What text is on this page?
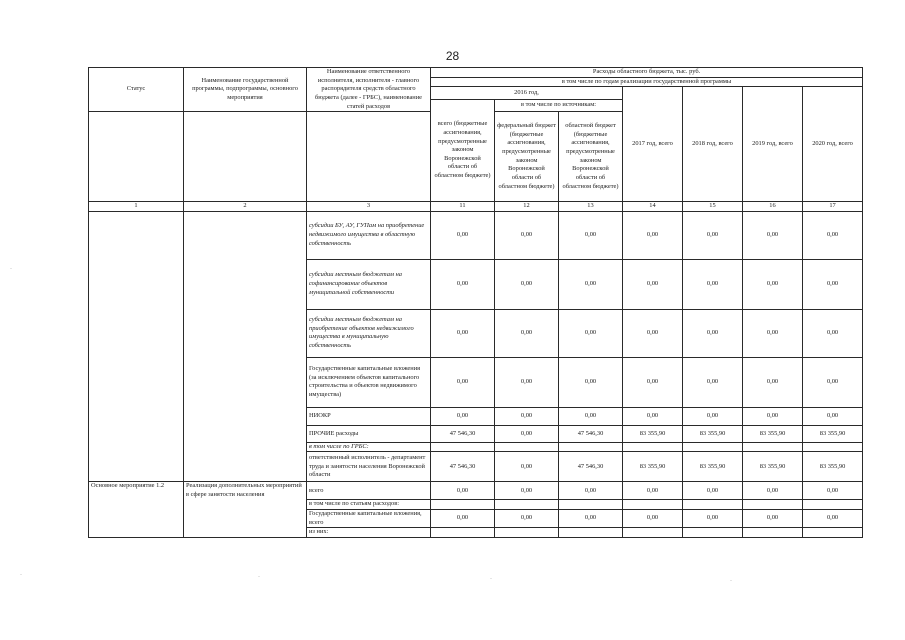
28
Статус	Наименование государственной программы, подпрограммы, основного мероприятия	Наименование ответственного исполнителя, исполнителя - главного распорядителя средств областного бюджета (далее - ГРБС), наименование статей расходов	Расходы областного бюджета, тыс. руб.						
			в том числе по годам реализации государственной программы						
			2016 год,			2017 год, всего	2018 год, всего	2019 год, всего	2020 год, всего
			всего (бюджетные ассигнования, предусмотренные законом Воронежской области об областном бюджете)	в том числе по источникам:					
				федеральный бюджет (бюджетные ассигнования, предусмотренные законом Воронежской области об областном бюджете)	областной бюджет (бюджетные ассигнования, предусмотренные законом Воронежской области об областном бюджете)				
1	2	3	11	12	13	14	15	16	17
		субсидии БУ, АУ, ГУПам на приобретение недвижимого имущества в областную собственность	0,00	0,00	0,00	0,00	0,00	0,00	0,00
		субсидии местным бюджетам на софинансирование объектов муниципальной собственности	0,00	0,00	0,00	0,00	0,00	0,00	0,00
		субсидии местным бюджетам на приобретение объектов недвижимого имущества в муниципальную собственность	0,00	0,00	0,00	0,00	0,00	0,00	0,00
		Государственные капитальные вложения (за исключением объектов капитального строительства и объектов недвижимого имущества)	0,00	0,00	0,00	0,00	0,00	0,00	0,00
		НИОКР	0,00	0,00	0,00	0,00	0,00	0,00	0,00
		ПРОЧИЕ расходы	47 546,30	0,00	47 546,30	83 355,90	83 355,90	83 355,90	83 355,90
		в том числе по ГРБС:							
		ответственный исполнитель - департамент труда и занятости населения Воронежской области	47 546,30	0,00	47 546,30	83 355,90	83 355,90	83 355,90	83 355,90
Основное мероприятие 1.2	Реализация дополнительных мероприятий в сфере занятости населения	всего	0,00	0,00	0,00	0,00	0,00	0,00	0,00
		в том числе по статьям расходов:							
		Государственные капитальные вложения, всего	0,00	0,00	0,00	0,00	0,00	0,00	0,00
		из них:							
·	·	·	·
·
